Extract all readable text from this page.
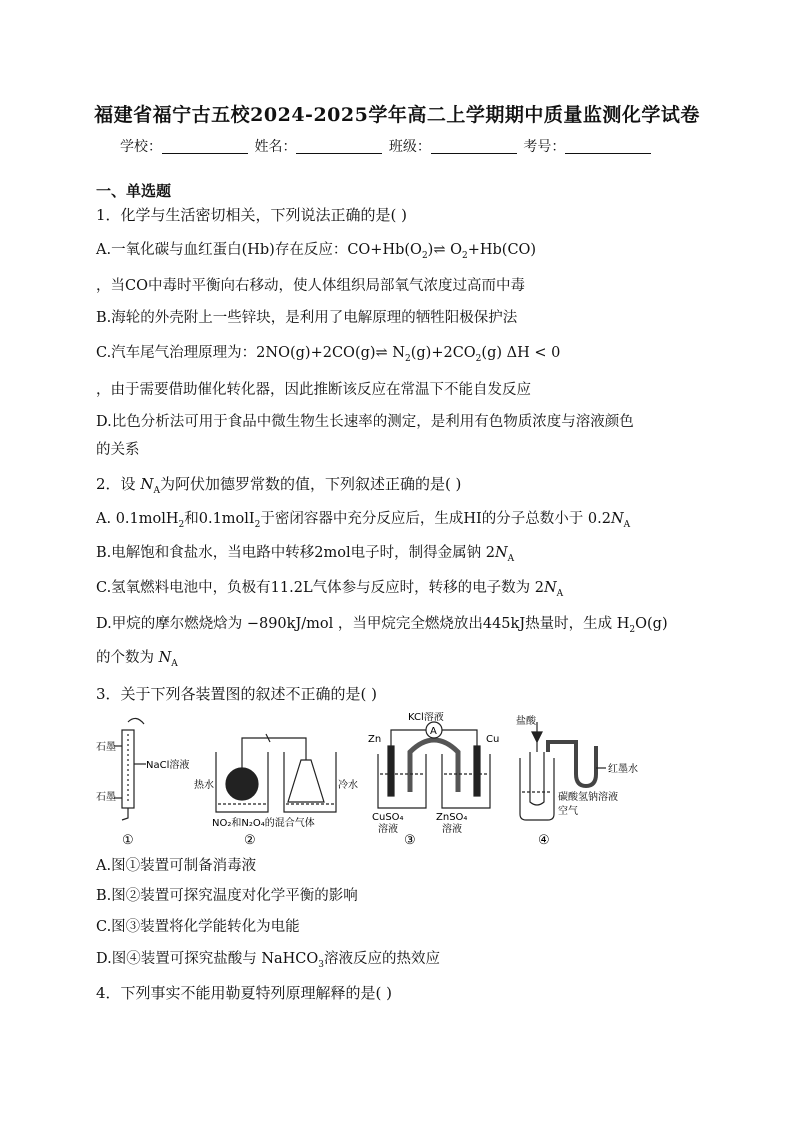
福建省福宁古五校2024-2025学年高二上学期期中质量监测化学试卷
学校：	姓名：	班级：	考号：
一、单选题
1．化学与生活密切相关，下列说法正确的是( )
A.一氧化碳与血红蛋白(Hb)存在反应：$CO+Hb(O_2)\rightleftharpoons$ $O_2+Hb(CO)$
，当CO中毒时平衡向右移动，使人体组织局部氧气浓度过高而中毒
B.海轮的外壳附上一些锌块，是利用了电解原理的牺牲阳极保护法
C.汽车尾气治理原理为：2NO(g)+2CO(g)⇌ $N_2(g)+2CO_2(g) \Delta H < 0$
，由于需要借助催化转化器，因此推断该反应在常温下不能自发反应
D.比色分析法可用于食品中微生物生长速率的测定，是利用有色物质浓度与溶液颜色
的关系
2．设 $N_A$为阿伏加德罗常数的值，下列叙述正确的是( )
A. 0.1molH$_2$和0.1molI$_2$于密闭容器中充分反应后，生成HI的分子总数小于 $0.2N_A$
B.电解饱和食盐水，当电路中转移2mol电子时，制得金属钠 $2N_A$
C.氢氧燃料电池中，负极有11.2L气体参与反应时，转移的电子数为 $2N_A$
D.甲烷的摩尔燃烧焓为 −890kJ/mol ，当甲烷完全燃烧放出445kJ热量时，生成 $H_2O(g)$
的个数为 $N_A$
3．关于下列各装置图的叙述不正确的是( )
石墨
NaCl溶液
石墨
①
热水	冷水
NO₂和N₂O₄的混合气体
②
KCl溶液
A
Zn	Cu
CuSO₄
溶液
ZnSO₄
溶液
③
盐酸
红墨水
碳酸氢钠溶液
空气
④
A.图①装置可制备消毒液
B.图②装置可探究温度对化学平衡的影响
C.图③装置将化学能转化为电能
D.图④装置可探究盐酸与 NaHCO$_3$溶液反应的热效应
4．下列事实不能用勒夏特列原理解释的是( )
